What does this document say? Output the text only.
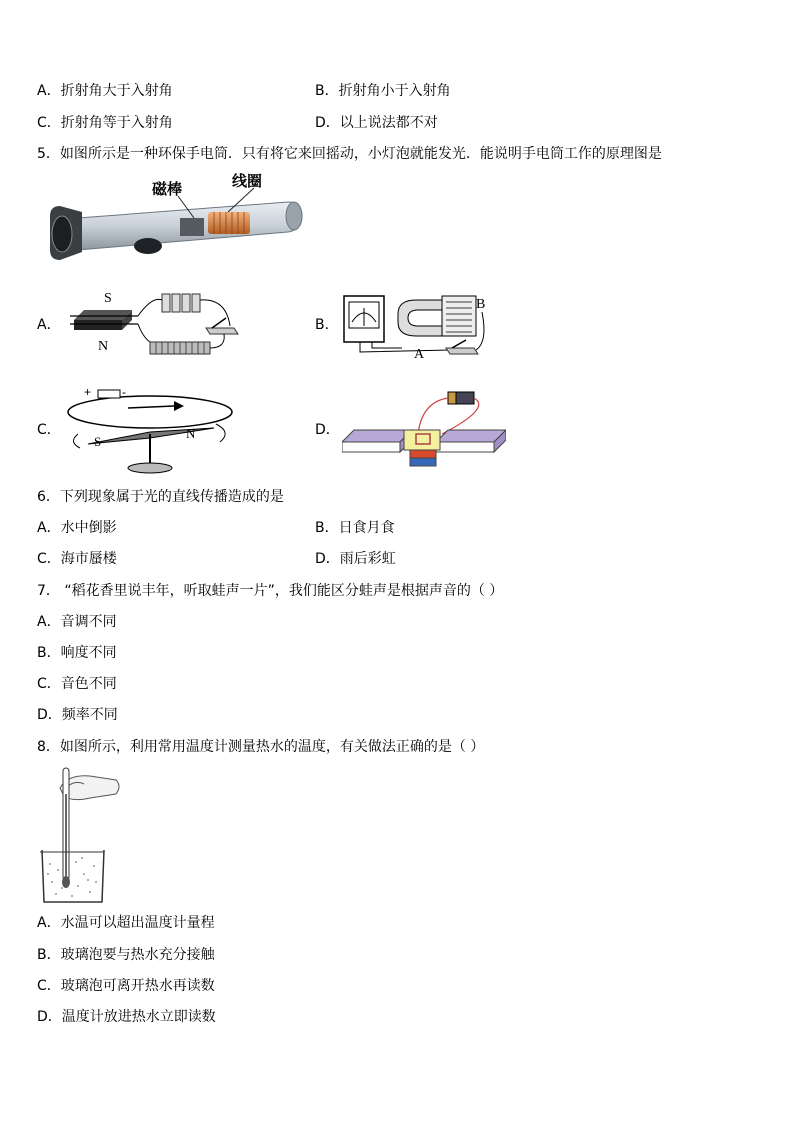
A．折射角大于入射角	B．折射角小于入射角
C．折射角等于入射角	D．以上说法都不对
5．如图所示是一种环保手电筒．只有将它来回摇动，小灯泡就能发光．能说明手电筒工作的原理图是
磁棒	线圈
A．
S
N
B．
B
A
C．
+	-
S
N	D．
6．下列现象属于光的直线传播造成的是
A．水中倒影	B．日食月食
C．海市蜃楼	D．雨后彩虹
7． “稻花香里说丰年，听取蛙声一片”，我们能区分蛙声是根据声音的（ ）
A．音调不同
B．响度不同
C．音色不同
D．频率不同
8．如图所示，利用常用温度计测量热水的温度，有关做法正确的是（ ）
A．水温可以超出温度计量程
B．玻璃泡要与热水充分接触
C．玻璃泡可离开热水再读数
D．温度计放进热水立即读数
